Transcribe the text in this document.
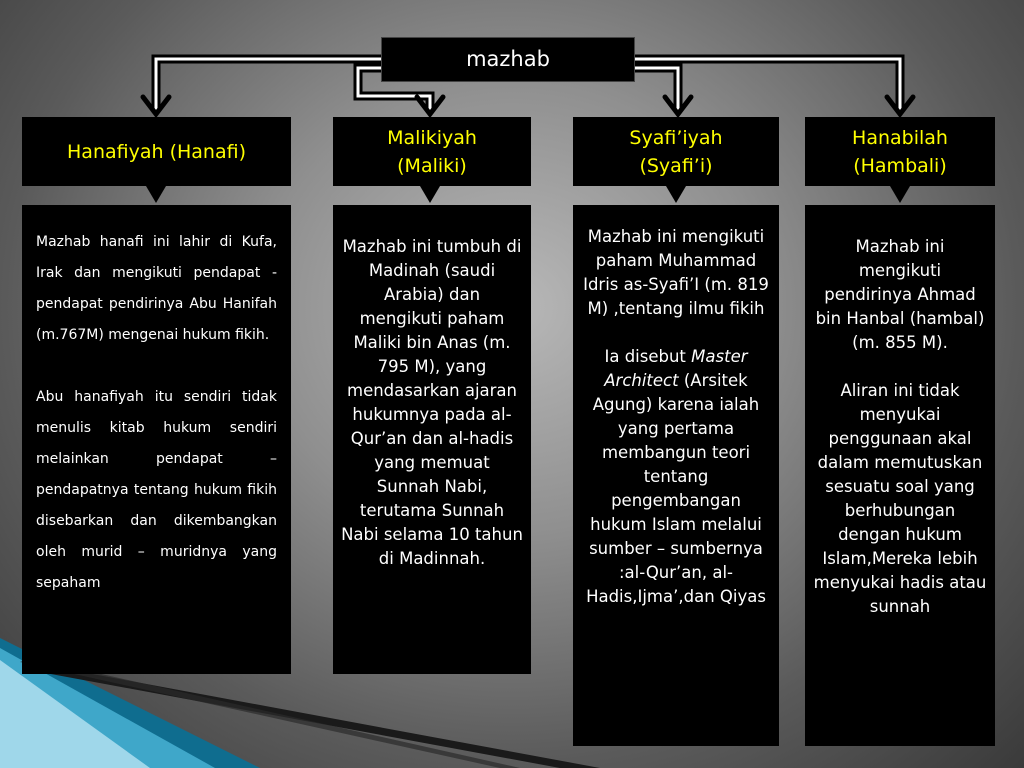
mazhab
Hanafiyah (Hanafi)
Malikiyah
(Maliki)
Syafi’iyah
(Syafi’i)
Hanabilah
(Hambali)

Mazhab hanafi ini lahir di Kufa, Irak dan mengikuti pendapat - pendapat pendirinya Abu Hanifah (m.767M) mengenai hukum fikih.

Abu hanafiyah itu sendiri tidak menulis kitab hukum sendiri melainkan pendapat – pendapatnya tentang hukum fikih disebarkan dan dikembangkan oleh murid – muridnya yang sepaham

Mazhab ini tumbuh di Madinah (saudi Arabia) dan mengikuti paham Maliki bin Anas (m. 795 M), yang mendasarkan ajaran hukumnya pada al-Qur’an dan al-hadis yang memuat Sunnah Nabi, terutama Sunnah Nabi selama 10 tahun di Madinnah.

Mazhab ini mengikuti paham Muhammad Idris as-Syafi’I (m. 819 M) ,tentang ilmu fikih

Ia disebut Master Architect (Arsitek Agung) karena ialah yang pertama membangun teori tentang pengembangan hukum Islam melalui sumber – sumbernya :al-Qur’an, al-Hadis,Ijma’,dan Qiyas

Mazhab ini mengikuti pendirinya Ahmad bin Hanbal (hambal) (m. 855 M).

Aliran ini tidak menyukai penggunaan akal dalam memutuskan sesuatu soal yang berhubungan dengan hukum Islam,Mereka lebih menyukai hadis atau sunnah
